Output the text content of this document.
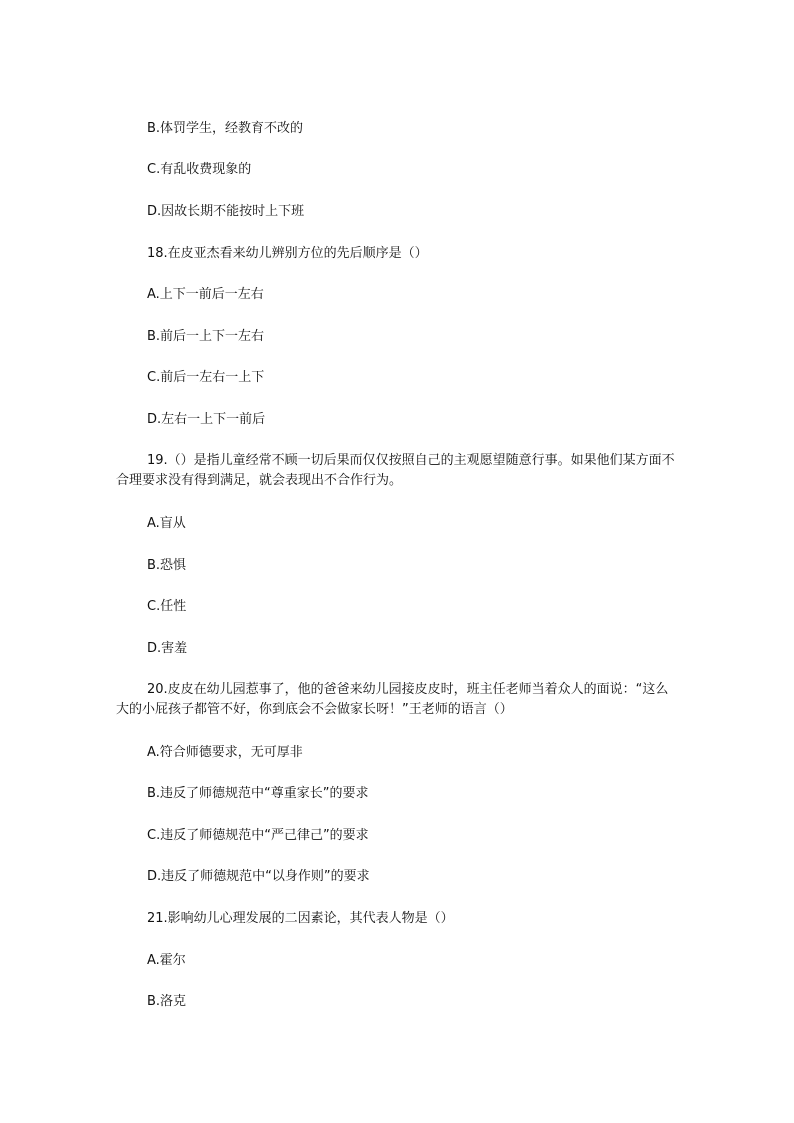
B.体罚学生，经教育不改的
C.有乱收费现象的
D.因故长期不能按时上下班
18.在皮亚杰看来幼儿辨别方位的先后顺序是（）
A.上下一前后一左右
B.前后一上下一左右
C.前后一左右一上下
D.左右一上下一前后
19.（）是指儿童经常不顾一切后果而仅仅按照自己的主观愿望随意行事。如果他们某方面不合理要求没有得到满足，就会表现出不合作行为。
A.盲从
B.恐惧
C.任性
D.害羞
20.皮皮在幼儿园惹事了，他的爸爸来幼儿园接皮皮时，班主任老师当着众人的面说：“这么大的小屁孩子都管不好，你到底会不会做家长呀！”王老师的语言（）
A.符合师德要求，无可厚非
B.违反了师德规范中“尊重家长”的要求
C.违反了师德规范中“严己律己”的要求
D.违反了师德规范中“以身作则”的要求
21.影响幼儿心理发展的二因素论，其代表人物是（）
A.霍尔
B.洛克
